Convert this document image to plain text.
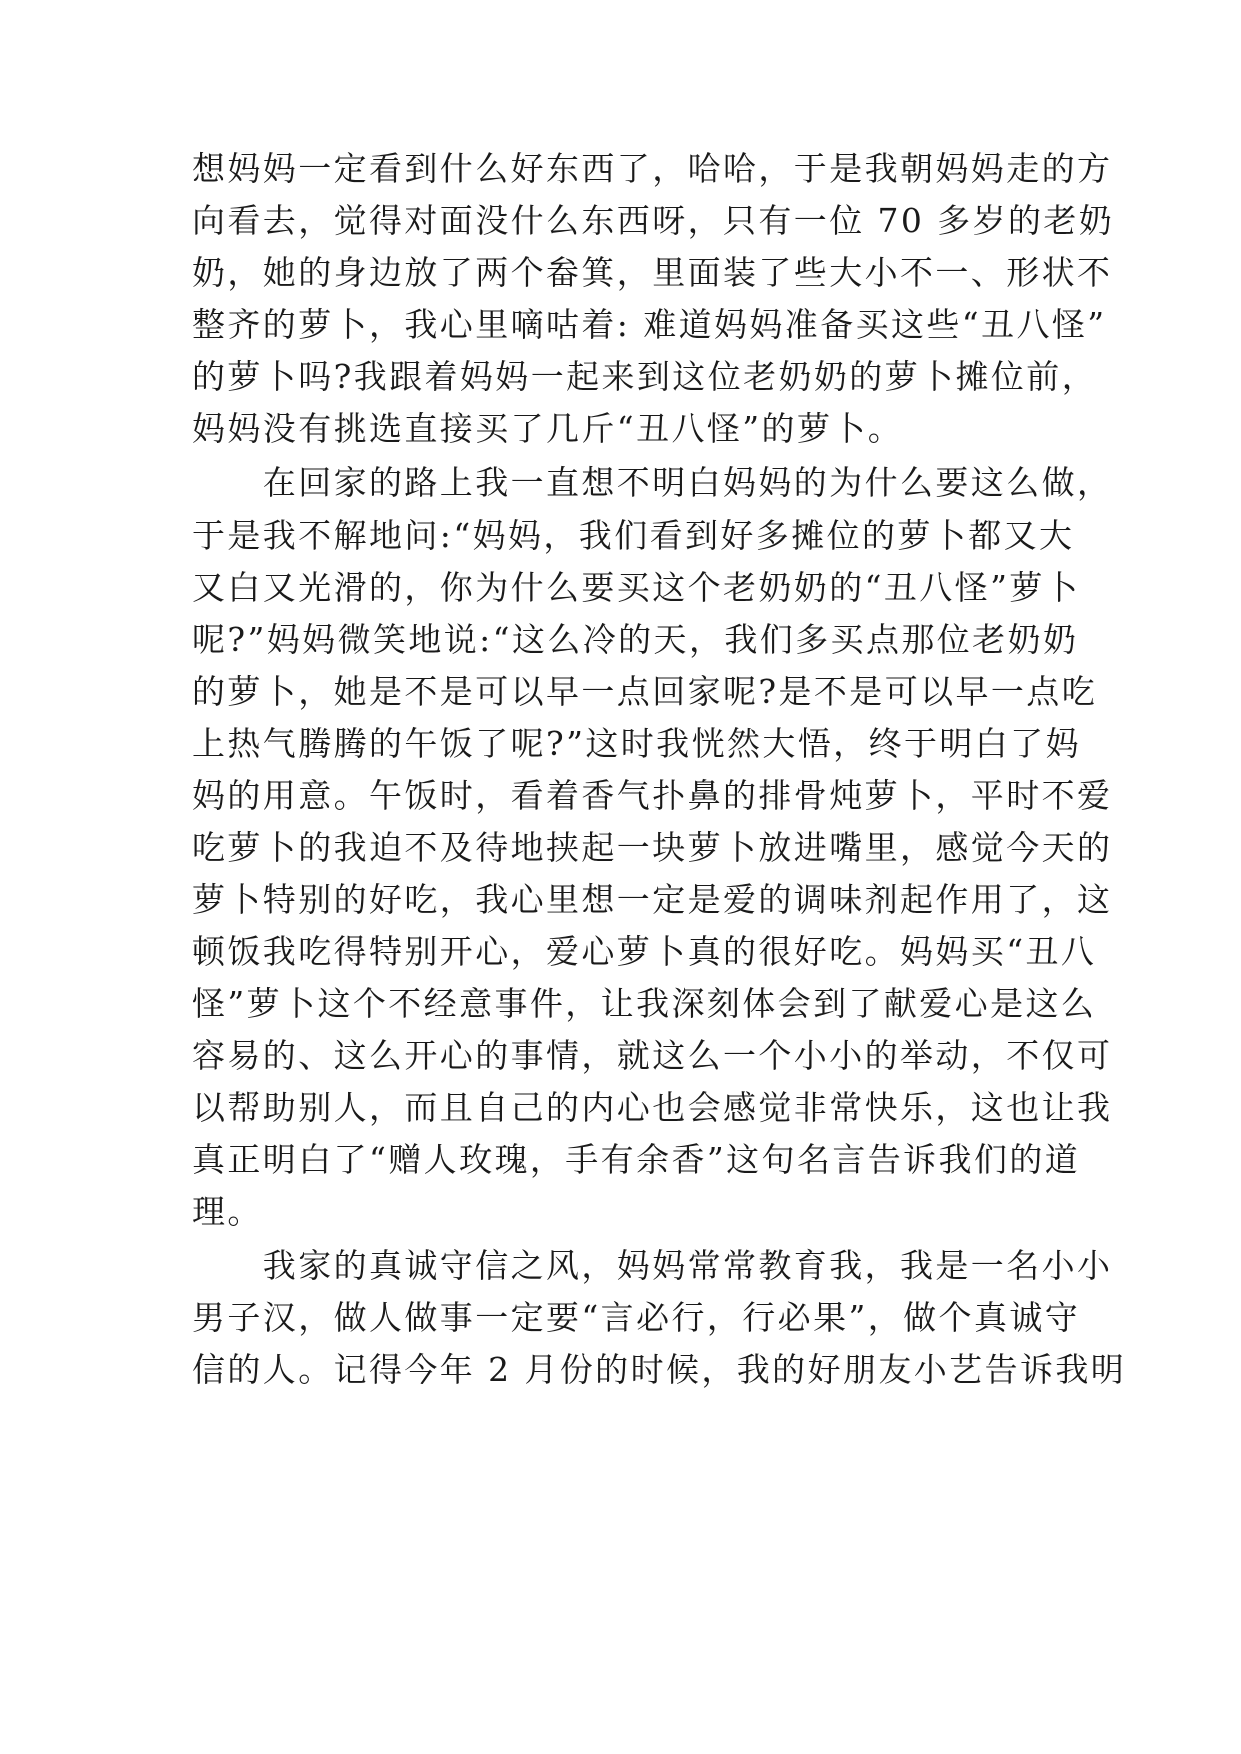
想妈妈一定看到什么好东西了，哈哈，于是我朝妈妈走的方
向看去，觉得对面没什么东西呀，只有一位 70 多岁的老奶
奶，她的身边放了两个畚箕，里面装了些大小不一、形状不
整齐的萝卜，我心里嘀咕着: 难道妈妈准备买这些“丑八怪”
的萝卜吗?我跟着妈妈一起来到这位老奶奶的萝卜摊位前，
妈妈没有挑选直接买了几斤“丑八怪”的萝卜。
　　在回家的路上我一直想不明白妈妈的为什么要这么做，
于是我不解地问:“妈妈，我们看到好多摊位的萝卜都又大
又白又光滑的，你为什么要买这个老奶奶的“丑八怪”萝卜
呢?”妈妈微笑地说:“这么冷的天，我们多买点那位老奶奶
的萝卜，她是不是可以早一点回家呢?是不是可以早一点吃
上热气腾腾的午饭了呢?”这时我恍然大悟，终于明白了妈
妈的用意。午饭时，看着香气扑鼻的排骨炖萝卜，平时不爱
吃萝卜的我迫不及待地挟起一块萝卜放进嘴里，感觉今天的
萝卜特别的好吃，我心里想一定是爱的调味剂起作用了，这
顿饭我吃得特别开心，爱心萝卜真的很好吃。妈妈买“丑八
怪”萝卜这个不经意事件，让我深刻体会到了献爱心是这么
容易的、这么开心的事情，就这么一个小小的举动，不仅可
以帮助别人，而且自己的内心也会感觉非常快乐，这也让我
真正明白了“赠人玫瑰，手有余香”这句名言告诉我们的道
理。
　　我家的真诚守信之风，妈妈常常教育我，我是一名小小
男子汉，做人做事一定要“言必行，行必果”，做个真诚守
信的人。记得今年 2 月份的时候，我的好朋友小艺告诉我明
